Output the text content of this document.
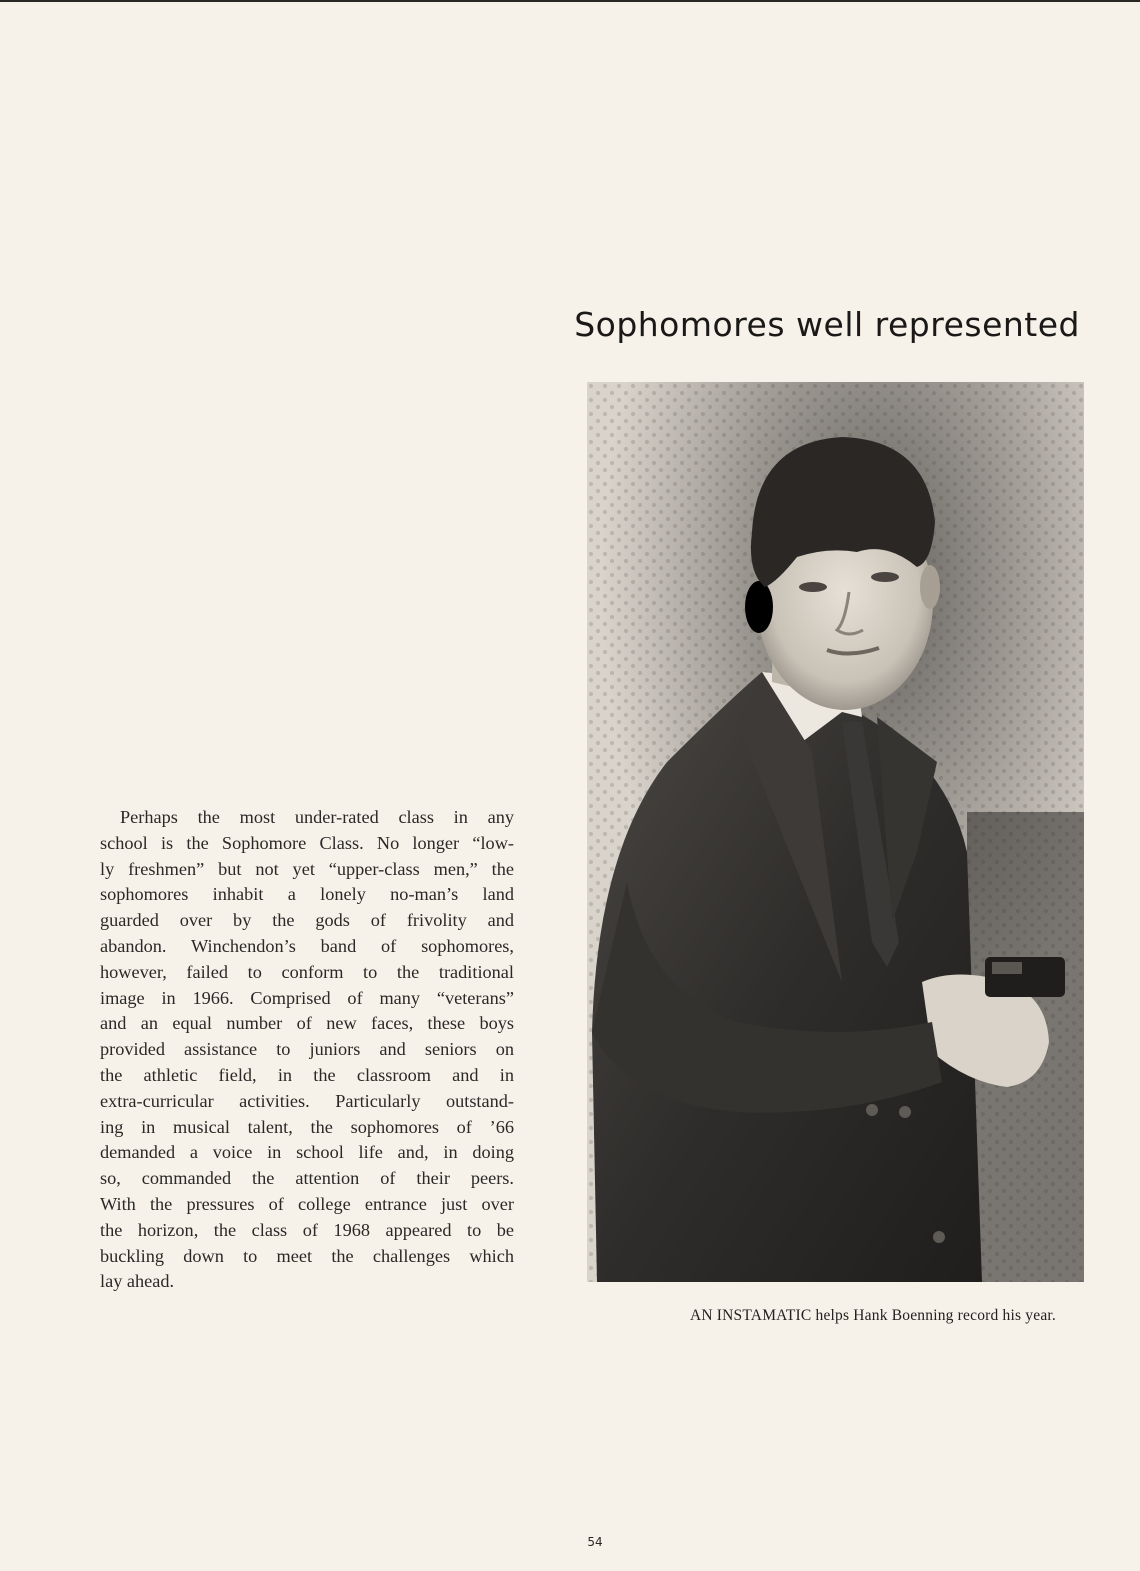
Sophomores well represented
Perhaps the most under-rated class in any
school is the Sophomore Class. No longer “low-
ly freshmen” but not yet “upper-class men,” the
sophomores inhabit a lonely no-man’s land
guarded over by the gods of frivolity and
abandon. Winchendon’s band of sophomores,
however, failed to conform to the traditional
image in 1966. Comprised of many “veterans”
and an equal number of new faces, these boys
provided assistance to juniors and seniors on
the athletic field, in the classroom and in
extra-curricular activities. Particularly outstand-
ing in musical talent, the sophomores of ’66
demanded a voice in school life and, in doing
so, commanded the attention of their peers.
With the pressures of college entrance just over
the horizon, the class of 1968 appeared to be
buckling down to meet the challenges which
lay ahead.

AN INSTAMATIC helps Hank Boenning record his year.

54
